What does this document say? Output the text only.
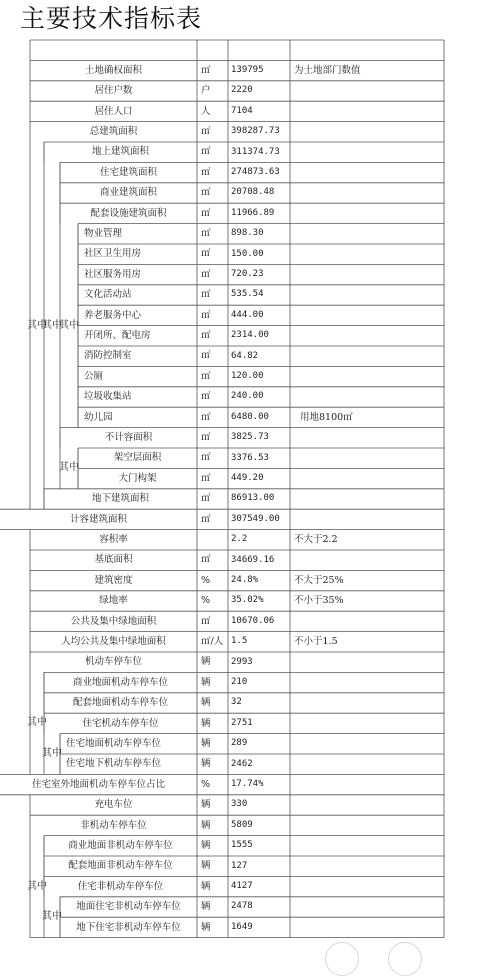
主要技术指标表
其中
其中
其中
其中
其中
其中
其中
其中
土地确权面积	㎡	139795	为土地部门数值
居住户数	户	2220
居住人口	人	7104
总建筑面积	㎡	398287.73
地上建筑面积	㎡	311374.73
住宅建筑面积	㎡	274873.63
商业建筑面积	㎡	20708.48
配套设施建筑面积	㎡	11966.89
物业管理	㎡	898.30
社区卫生用房	㎡	150.00
社区服务用房	㎡	720.23
文化活动站	㎡	535.54
养老服务中心	㎡	444.00
开闭所、配电房	㎡	2314.00
消防控制室	㎡	64.82
公厕	㎡	120.00
垃圾收集站	㎡	240.00
幼儿园	㎡	6480.00	用地8100㎡
不计容面积	㎡	3825.73
架空层面积	㎡	3376.53
大门构架	㎡	449.20
地下建筑面积	㎡	86913.00
计容建筑面积	㎡	307549.00
容积率	2.2	不大于2.2
基底面积	㎡	34669.16
建筑密度	%	24.8%	不大于25%
绿地率	%	35.02%	不小于35%
公共及集中绿地面积	㎡	10670.06
人均公共及集中绿地面积	㎡/人 1.5	不小于1.5
机动车停车位	辆	2993
商业地面机动车停车位	辆	210
配套地面机动车停车位	辆	32
住宅机动车停车位	辆	2751
住宅地面机动车停车位	辆	289
住宅地下机动车停车位	辆	2462
住宅室外地面机动车停车位占比	%	17.74%
充电车位	辆	330
非机动车停车位	辆	5809
商业地面非机动车停车位	辆	1555
配套地面非机动车停车位	辆	127
住宅非机动车停车位	辆	4127
地面住宅非机动车停车位	辆	2478
地下住宅非机动车停车位	辆	1649
